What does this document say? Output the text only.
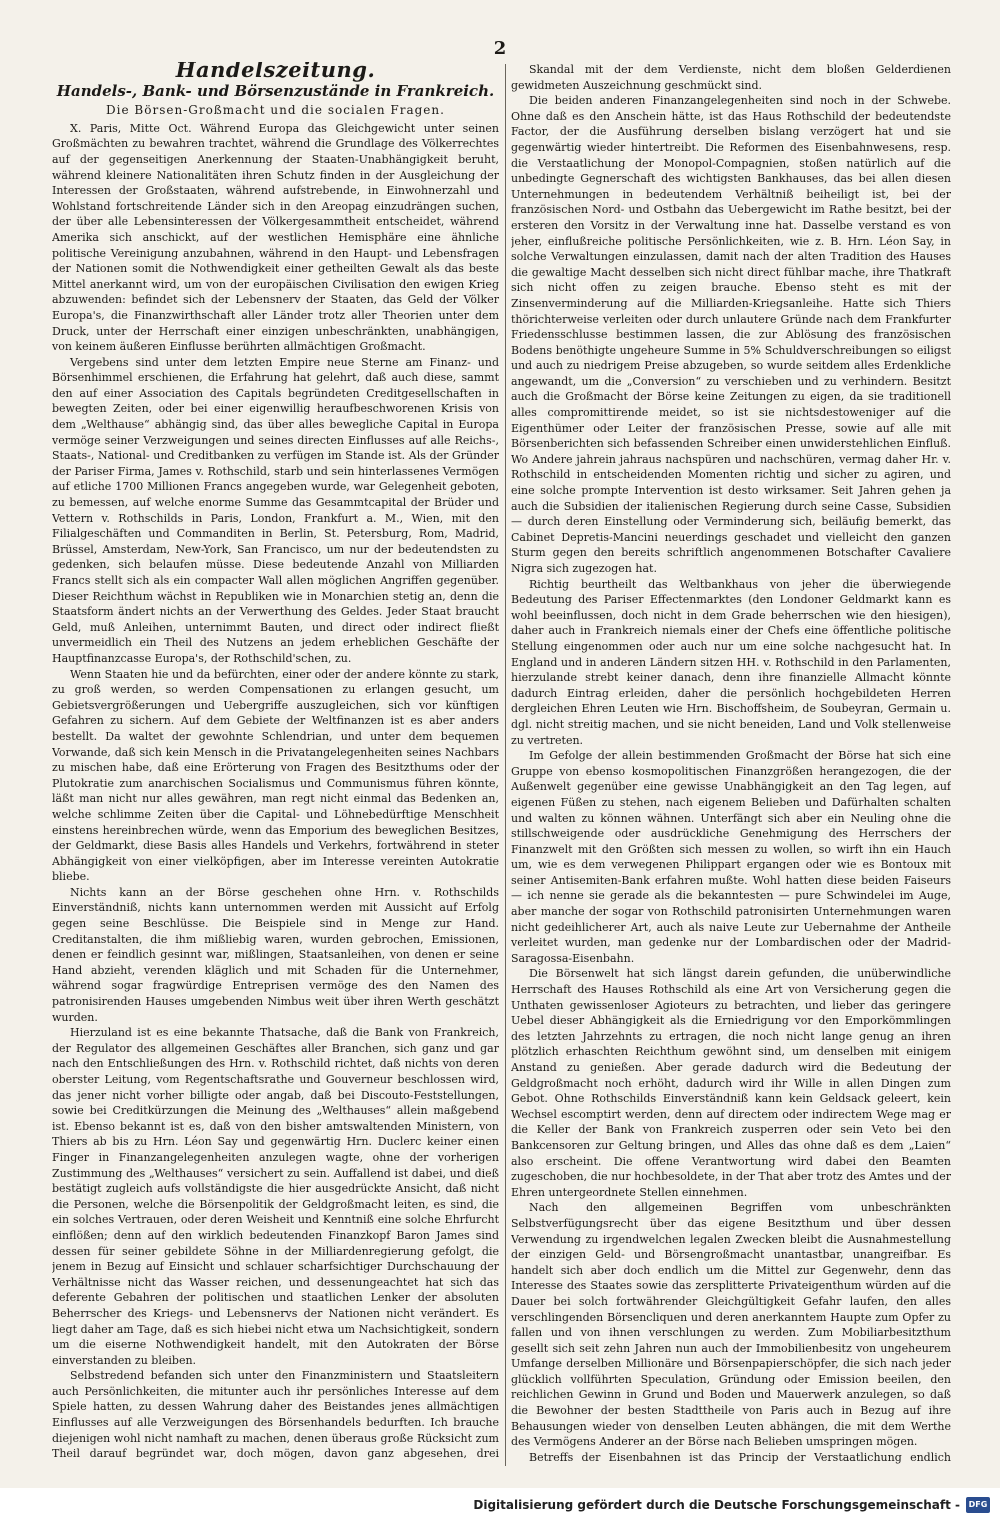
2
Handelszeitung.
Handels-, Bank- und Börsenzustände in Frankreich.
Die Börsen-Großmacht und die socialen Fragen.

X. Paris, Mitte Oct. Während Europa das Gleichgewicht unter seinen Großmächten zu bewahren trachtet, während die Grundlage des Völkerrechtes auf der gegenseitigen Anerkennung der Staaten-Unabhängigkeit beruht, während kleinere Nationalitäten ihren Schutz finden in der Ausgleichung der Interessen der Großstaaten, während aufstrebende, in Einwohnerzahl und Wohlstand fortschreitende Länder sich in den Areopag einzudrängen suchen, der über alle Lebensinteressen der Völkergesammtheit entscheidet, während Amerika sich anschickt, auf der westlichen Hemisphäre eine ähnliche politische Vereinigung anzubahnen, während in den Haupt- und Lebensfragen der Nationen somit die Nothwendigkeit einer getheilten Gewalt als das beste Mittel anerkannt wird, um von der europäischen Civilisation den ewigen Krieg abzuwenden: befindet sich der Lebensnerv der Staaten, das Geld der Völker Europa's, die Finanzwirthschaft aller Länder trotz aller Theorien unter dem Druck, unter der Herrschaft einer einzigen unbeschränkten, unabhängigen, von keinem äußeren Einflusse berührten allmächtigen Großmacht.

Vergebens sind unter dem letzten Empire neue Sterne am Finanz- und Börsenhimmel erschienen, die Erfahrung hat gelehrt, daß auch diese, sammt den auf einer Association des Capitals begründeten Creditgesellschaften in bewegten Zeiten, oder bei einer eigenwillig heraufbeschworenen Krisis von dem „Welthause“ abhängig sind, das über alles bewegliche Capital in Europa vermöge seiner Verzweigungen und seines directen Einflusses auf alle Reichs-, Staats-, National- und Creditbanken zu verfügen im Stande ist. Als der Gründer der Pariser Firma, James v. Rothschild, starb und sein hinterlassenes Vermögen auf etliche 1700 Millionen Francs angegeben wurde, war Gelegenheit geboten, zu bemessen, auf welche enorme Summe das Gesammtcapital der Brüder und Vettern v. Rothschilds in Paris, London, Frankfurt a. M., Wien, mit den Filialgeschäften und Commanditen in Berlin, St. Petersburg, Rom, Madrid, Brüssel, Amsterdam, New-York, San Francisco, um nur der bedeutendsten zu gedenken, sich belaufen müsse. Diese bedeutende Anzahl von Milliarden Francs stellt sich als ein compacter Wall allen möglichen Angriffen gegenüber. Dieser Reichthum wächst in Republiken wie in Monarchien stetig an, denn die Staatsform ändert nichts an der Verwerthung des Geldes. Jeder Staat braucht Geld, muß Anleihen, unternimmt Bauten, und direct oder indirect fließt unvermeidlich ein Theil des Nutzens an jedem erheblichen Geschäfte der Hauptfinanzcasse Europa's, der Rothschild'schen, zu.

Wenn Staaten hie und da befürchten, einer oder der andere könnte zu stark, zu groß werden, so werden Compensationen zu erlangen gesucht, um Gebietsvergrößerungen und Uebergriffe auszugleichen, sich vor künftigen Gefahren zu sichern. Auf dem Gebiete der Weltfinanzen ist es aber anders bestellt. Da waltet der gewohnte Schlendrian, und unter dem bequemen Vorwande, daß sich kein Mensch in die Privatangelegenheiten seines Nachbars zu mischen habe, daß eine Erörterung von Fragen des Besitzthums oder der Plutokratie zum anarchischen Socialismus und Communismus führen könnte, läßt man nicht nur alles gewähren, man regt nicht einmal das Bedenken an, welche schlimme Zeiten über die Capital- und Löhnebedürftige Menschheit einstens hereinbrechen würde, wenn das Emporium des beweglichen Besitzes, der Geldmarkt, diese Basis alles Handels und Verkehrs, fortwährend in steter Abhängigkeit von einer vielköpfigen, aber im Interesse vereinten Autokratie bliebe.

Nichts kann an der Börse geschehen ohne Hrn. v. Rothschilds Einverständniß, nichts kann unternommen werden mit Aussicht auf Erfolg gegen seine Beschlüsse. Die Beispiele sind in Menge zur Hand. Creditanstalten, die ihm mißliebig waren, wurden gebrochen, Emissionen, denen er feindlich gesinnt war, mißlingen, Staatsanleihen, von denen er seine Hand abzieht, verenden kläglich und mit Schaden für die Unternehmer, während sogar fragwürdige Entreprisen vermöge des den Namen des patronisirenden Hauses umgebenden Nimbus weit über ihren Werth geschätzt wurden.

Hierzuland ist es eine bekannte Thatsache, daß die Bank von Frankreich, der Regulator des allgemeinen Geschäftes aller Branchen, sich ganz und gar nach den Entschließungen des Hrn. v. Rothschild richtet, daß nichts von deren oberster Leitung, vom Regentschaftsrathe und Gouverneur beschlossen wird, das jener nicht vorher billigte oder angab, daß bei Discouto-Feststellungen, sowie bei Creditkürzungen die Meinung des „Welthauses“ allein maßgebend ist. Ebenso bekannt ist es, daß von den bisher amtswaltenden Ministern, von Thiers ab bis zu Hrn. Léon Say und gegenwärtig Hrn. Duclerc keiner einen Finger in Finanzangelegenheiten anzulegen wagte, ohne der vorherigen Zustimmung des „Welthauses“ versichert zu sein. Auffallend ist dabei, und dieß bestätigt zugleich aufs vollständigste die hier ausgedrückte Ansicht, daß nicht die Personen, welche die Börsenpolitik der Geldgroßmacht leiten, es sind, die ein solches Vertrauen, oder deren Weisheit und Kenntniß eine solche Ehrfurcht einflößen; denn auf den wirklich bedeutenden Finanzkopf Baron James sind dessen für seiner gebildete Söhne in der Milliardenregierung gefolgt, die jenem in Bezug auf Einsicht und schlauer scharfsichtiger Durchschauung der Verhältnisse nicht das Wasser reichen, und dessenungeachtet hat sich das deferente Gebahren der politischen und staatlichen Lenker der absoluten Beherrscher des Kriegs- und Lebensnervs der Nationen nicht verändert. Es liegt daher am Tage, daß es sich hiebei nicht etwa um Nachsichtigkeit, sondern um die eiserne Nothwendigkeit handelt, mit den Autokraten der Börse einverstanden zu bleiben.

Selbstredend befanden sich unter den Finanzministern und Staatsleitern auch Persönlichkeiten, die mitunter auch ihr persönliches Interesse auf dem Spiele hatten, zu dessen Wahrung daher des Beistandes jenes allmächtigen Einflusses auf alle Verzweigungen des Börsenhandels bedurften. Ich brauche diejenigen wohl nicht namhaft zu machen, denen überaus große Rücksicht zum Theil darauf begründet war, doch mögen, davon ganz abgesehen, drei

Skandal mit der dem Verdienste, nicht dem bloßen Gelderdienen gewidmeten Auszeichnung geschmückt sind.

Die beiden anderen Finanzangelegenheiten sind noch in der Schwebe. Ohne daß es den Anschein hätte, ist das Haus Rothschild der bedeutendste Factor, der die Ausführung derselben bislang verzögert hat und sie gegenwärtig wieder hintertreibt. Die Reformen des Eisenbahnwesens, resp. die Verstaatlichung der Monopol-Compagnien, stoßen natürlich auf die unbedingte Gegnerschaft des wichtigsten Bankhauses, das bei allen diesen Unternehmungen in bedeutendem Verhältniß beiheiligt ist, bei der französischen Nord- und Ostbahn das Uebergewicht im Rathe besitzt, bei der ersteren den Vorsitz in der Verwaltung inne hat. Dasselbe verstand es von jeher, einflußreiche politische Persönlichkeiten, wie z. B. Hrn. Léon Say, in solche Verwaltungen einzulassen, damit nach der alten Tradition des Hauses die gewaltige Macht desselben sich nicht direct fühlbar mache, ihre Thatkraft sich nicht offen zu zeigen brauche. Ebenso steht es mit der Zinsenverminderung auf die Milliarden-Kriegsanleihe. Hatte sich Thiers thörichterweise verleiten oder durch unlautere Gründe nach dem Frankfurter Friedensschlusse bestimmen lassen, die zur Ablösung des französischen Bodens benöthigte ungeheure Summe in 5% Schuldverschreibungen so eiligst und auch zu niedrigem Preise abzugeben, so wurde seitdem alles Erdenkliche angewandt, um die „Conversion“ zu verschieben und zu verhindern. Besitzt auch die Großmacht der Börse keine Zeitungen zu eigen, da sie traditionell alles compromittirende meidet, so ist sie nichtsdestoweniger auf die Eigenthümer oder Leiter der französischen Presse, sowie auf alle mit Börsenberichten sich befassenden Schreiber einen unwiderstehlichen Einfluß. Wo Andere jahrein jahraus nachspüren und nachschüren, vermag daher Hr. v. Rothschild in entscheidenden Momenten richtig und sicher zu agiren, und eine solche prompte Intervention ist desto wirksamer. Seit Jahren gehen ja auch die Subsidien der italienischen Regierung durch seine Casse, Subsidien — durch deren Einstellung oder Verminderung sich, beiläufig bemerkt, das Cabinet Depretis-Mancini neuerdings geschadet und vielleicht den ganzen Sturm gegen den bereits schriftlich angenommenen Botschafter Cavaliere Nigra sich zugezogen hat.

Richtig beurtheilt das Weltbankhaus von jeher die überwiegende Bedeutung des Pariser Effectenmarktes (den Londoner Geldmarkt kann es wohl beeinflussen, doch nicht in dem Grade beherrschen wie den hiesigen), daher auch in Frankreich niemals einer der Chefs eine öffentliche politische Stellung eingenommen oder auch nur um eine solche nachgesucht hat. In England und in anderen Ländern sitzen HH. v. Rothschild in den Parlamenten, hierzulande strebt keiner danach, denn ihre finanzielle Allmacht könnte dadurch Eintrag erleiden, daher die persönlich hochgebildeten Herren dergleichen Ehren Leuten wie Hrn. Bischoffsheim, de Soubeyran, Germain u. dgl. nicht streitig machen, und sie nicht beneiden, Land und Volk stellenweise zu vertreten.

Im Gefolge der allein bestimmenden Großmacht der Börse hat sich eine Gruppe von ebenso kosmopolitischen Finanzgrößen herangezogen, die der Außenwelt gegenüber eine gewisse Unabhängigkeit an den Tag legen, auf eigenen Füßen zu stehen, nach eigenem Belieben und Dafürhalten schalten und walten zu können wähnen. Unterfängt sich aber ein Neuling ohne die stillschweigende oder ausdrückliche Genehmigung des Herrschers der Finanzwelt mit den Größten sich messen zu wollen, so wirft ihn ein Hauch um, wie es dem verwegenen Philippart ergangen oder wie es Bontoux mit seiner Antisemiten-Bank erfahren mußte. Wohl hatten diese beiden Faiseurs — ich nenne sie gerade als die bekanntesten — pure Schwindelei im Auge, aber manche der sogar von Rothschild patronisirten Unternehmungen waren nicht gedeihlicherer Art, auch als naive Leute zur Uebernahme der Antheile verleitet wurden, man gedenke nur der Lombardischen oder der Madrid-Saragossa-Eisenbahn.

Die Börsenwelt hat sich längst darein gefunden, die unüberwindliche Herrschaft des Hauses Rothschild als eine Art von Versicherung gegen die Unthaten gewissenloser Agioteurs zu betrachten, und lieber das geringere Uebel dieser Abhängigkeit als die Erniedrigung vor den Emporkömmlingen des letzten Jahrzehnts zu ertragen, die noch nicht lange genug an ihren plötzlich erhaschten Reichthum gewöhnt sind, um denselben mit einigem Anstand zu genießen. Aber gerade dadurch wird die Bedeutung der Geldgroßmacht noch erhöht, dadurch wird ihr Wille in allen Dingen zum Gebot. Ohne Rothschilds Einverständniß kann kein Geldsack geleert, kein Wechsel escomptirt werden, denn auf directem oder indirectem Wege mag er die Keller der Bank von Frankreich zusperren oder sein Veto bei den Bankcensoren zur Geltung bringen, und Alles das ohne daß es dem „Laien“ also erscheint. Die offene Verantwortung wird dabei den Beamten zugeschoben, die nur hochbesoldete, in der That aber trotz des Amtes und der Ehren untergeordnete Stellen einnehmen.

Nach den allgemeinen Begriffen vom unbeschränkten Selbstverfügungsrecht über das eigene Besitzthum und über dessen Verwendung zu irgendwelchen legalen Zwecken bleibt die Ausnahmestellung der einzigen Geld- und Börsengroßmacht unantastbar, unangreifbar. Es handelt sich aber doch endlich um die Mittel zur Gegenwehr, denn das Interesse des Staates sowie das zersplitterte Privateigenthum würden auf die Dauer bei solch fortwährender Gleichgültigkeit Gefahr laufen, den alles verschlingenden Börsencliquen und deren anerkanntem Haupte zum Opfer zu fallen und von ihnen verschlungen zu werden. Zum Mobiliarbesitzthum gesellt sich seit zehn Jahren nun auch der Immobilienbesitz von ungeheurem Umfange derselben Millionäre und Börsenpapierschöpfer, die sich nach jeder glücklich vollführten Speculation, Gründung oder Emission beeilen, den reichlichen Gewinn in Grund und Boden und Mauerwerk anzulegen, so daß die Bewohner der besten Stadttheile von Paris auch in Bezug auf ihre Behausungen wieder von denselben Leuten abhängen, die mit dem Werthe des Vermögens Anderer an der Börse nach Belieben umspringen mögen.

Betreffs der Eisenbahnen ist das Princip der Verstaatlichung endlich

Digitalisierung gefördert durch die Deutsche Forschungsgemeinschaft -	DFG
